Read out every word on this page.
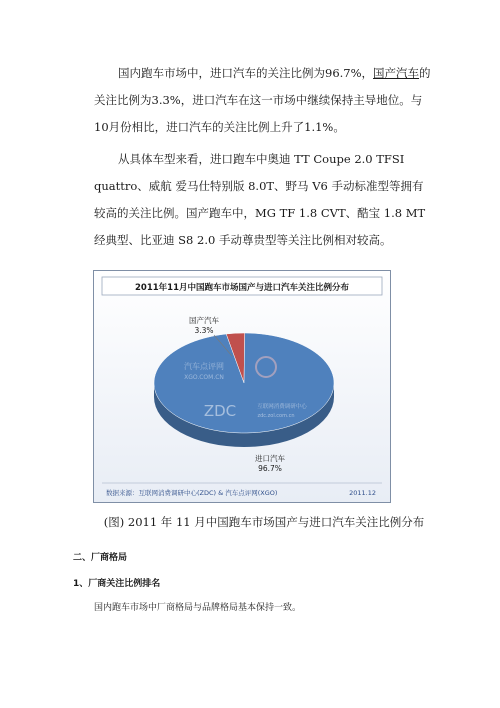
国内跑车市场中，进口汽车的关注比例为96.7%，国产汽车的关注比例为3.3%，进口汽车在这一市场中继续保持主导地位。与10月份相比，进口汽车的关注比例上升了1.1%。

从具体车型来看，进口跑车中奥迪 TT Coupe 2.0 TFSI quattro、威航 爱马仕特别版 8.0T、野马 V6 手动标准型等拥有较高的关注比例。国产跑车中，MG TF 1.8 CVT、酷宝 1.8 MT经典型、比亚迪 S8 2.0 手动尊贵型等关注比例相对较高。

2011年11月中国跑车市场国产与进口汽车关注比例分布
国产汽车
3.3%
进口汽车
96.7%
汽车点评网
XGO.COM.CN
ZDC	互联网消费调研中心
zdc.zol.com.cn
数据来源：互联网消费调研中心(ZDC) & 汽车点评网(XGO)	2011.12

(图) 2011 年 11 月中国跑车市场国产与进口汽车关注比例分布

二、厂商格局

1、厂商关注比例排名

国内跑车市场中厂商格局与品牌格局基本保持一致。
